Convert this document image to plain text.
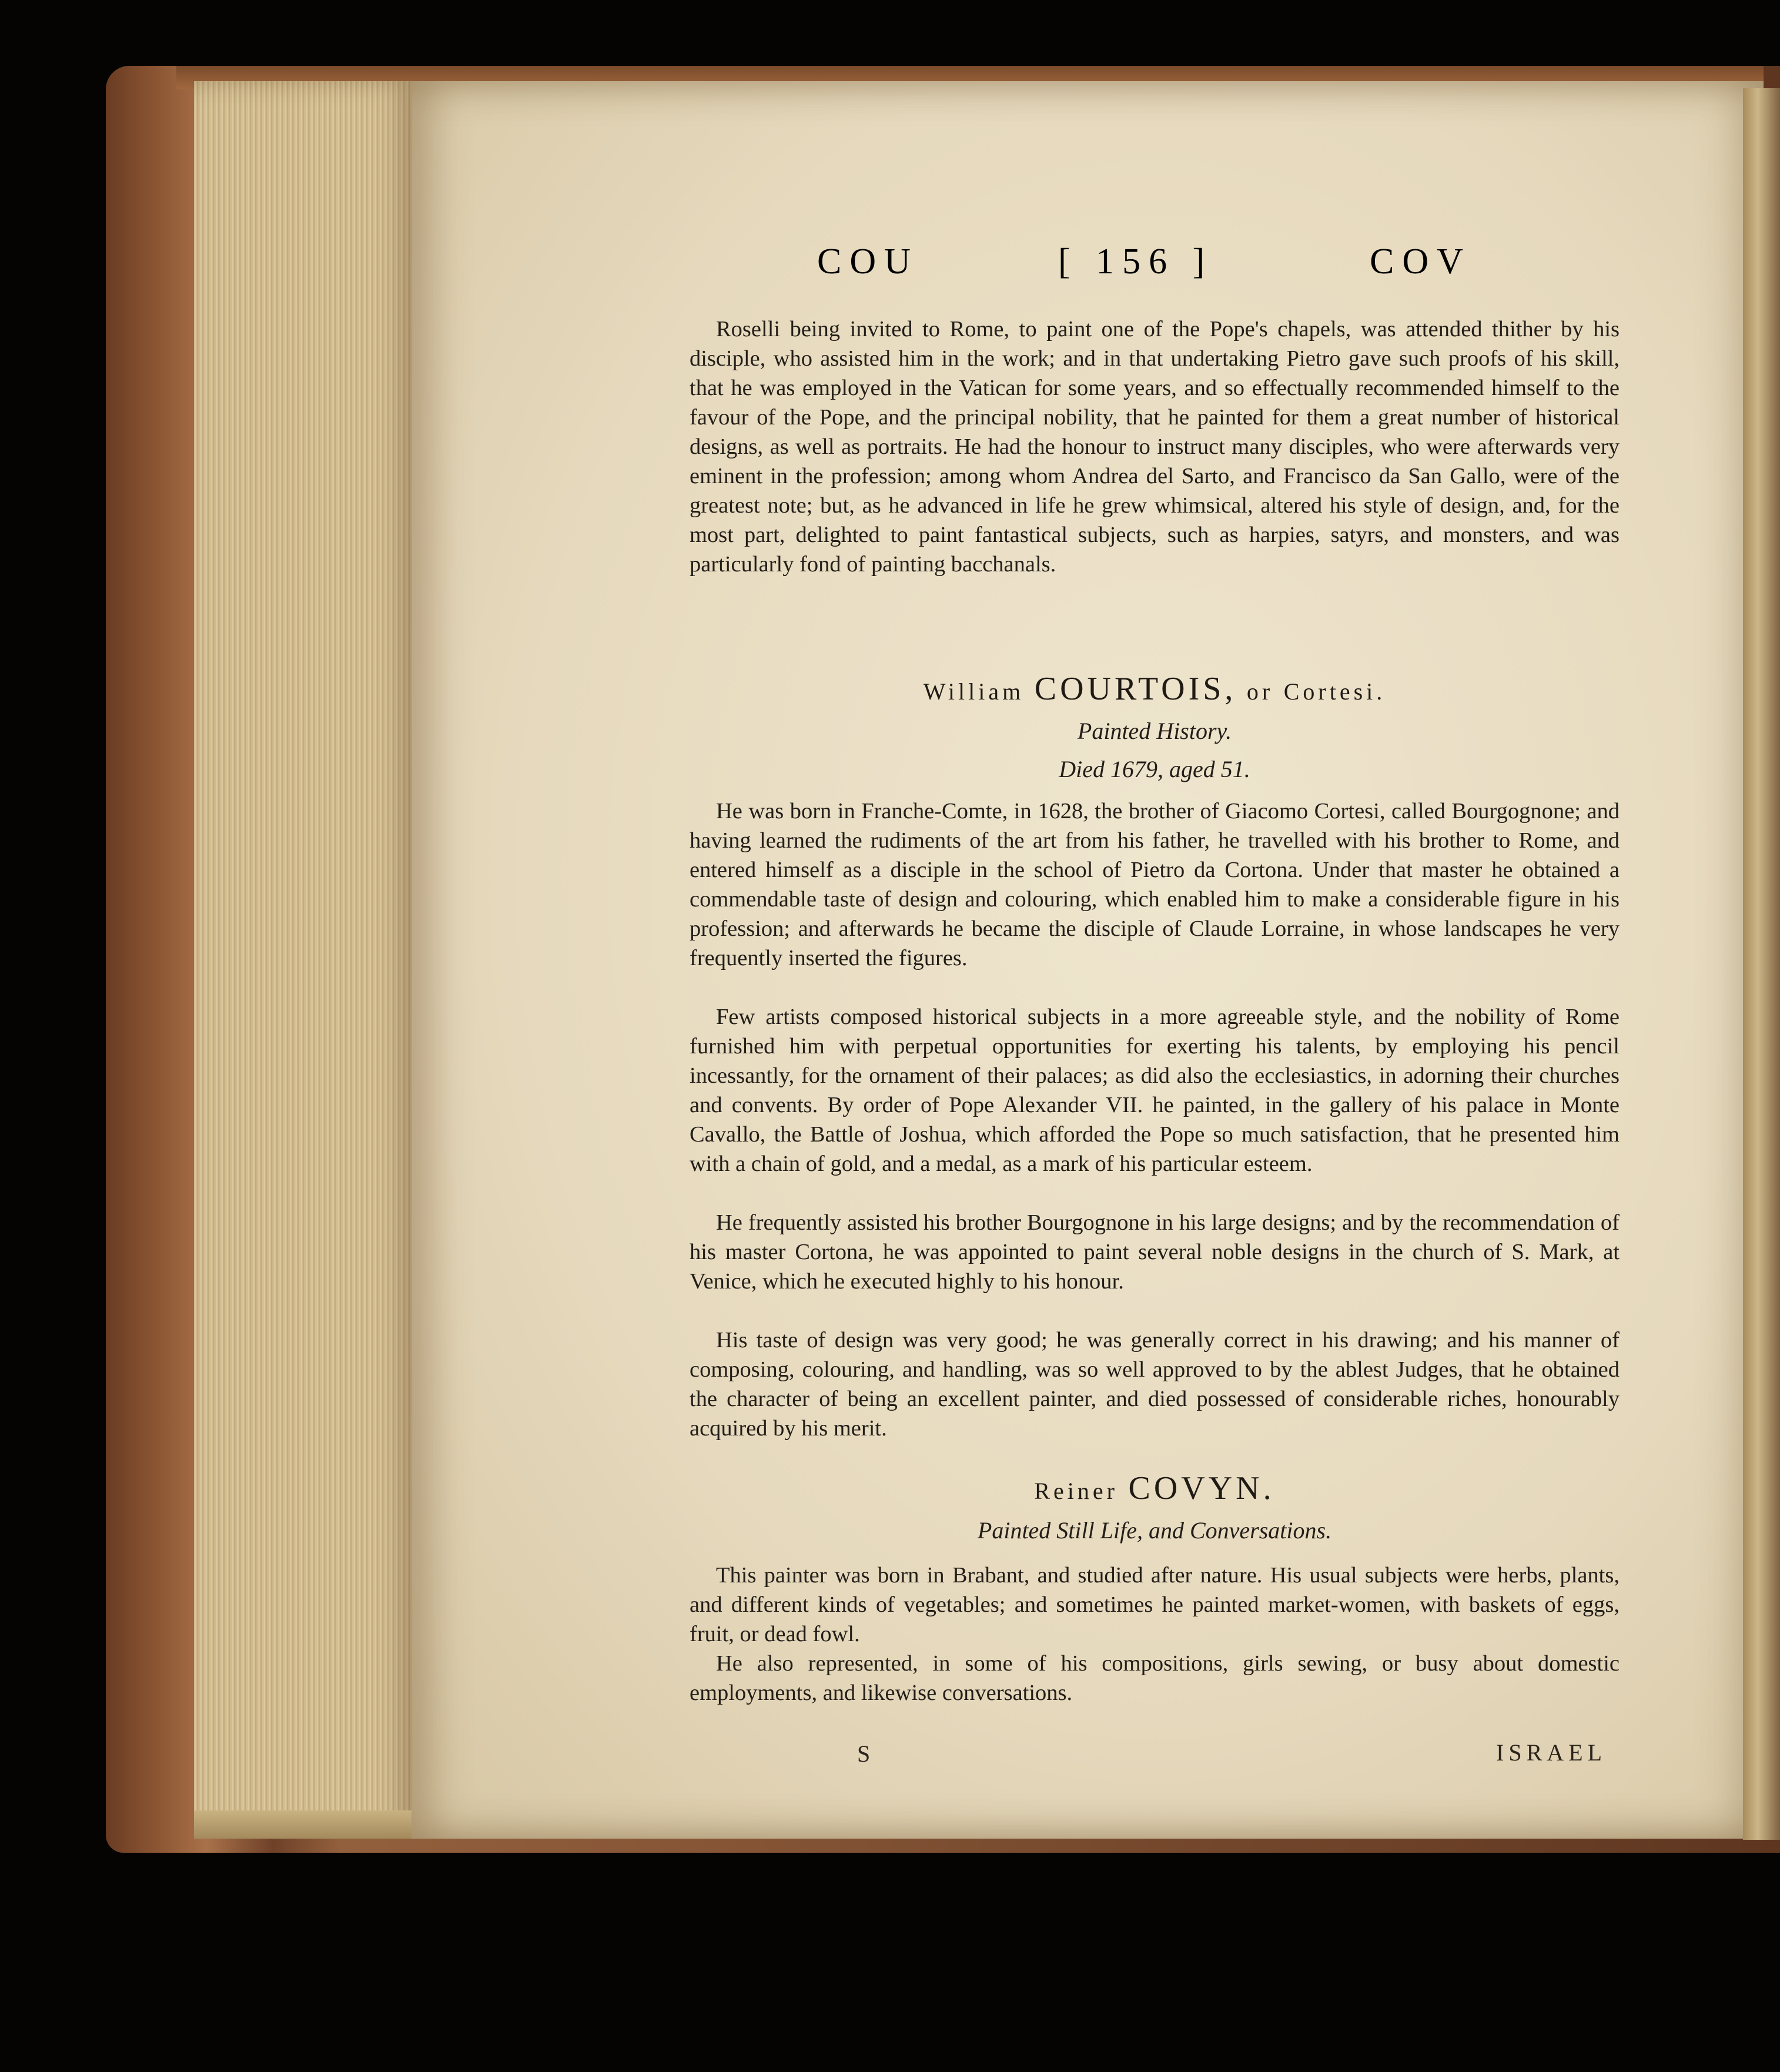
COU	[ 156 ]	COV
Roselli being invited to Rome, to paint one of the Pope's chapels, was attended thither by his disciple, who assisted him in the work; and in that undertaking Pietro gave such proofs of his skill, that he was employed in the Vatican for some years, and so effectually recommended himself to the favour of the Pope, and the principal nobility, that he painted for them a great number of historical designs, as well as portraits. He had the honour to instruct many disciples, who were afterwards very eminent in the profession; among whom Andrea del Sarto, and Francisco da San Gallo, were of the greatest note; but, as he advanced in life he grew whimsical, altered his style of design, and, for the most part, delighted to paint fantastical subjects, such as harpies, satyrs, and monsters, and was particularly fond of painting bacchanals.
William COURTOIS, or Cortesi.
Painted History.
Died 1679, aged 51.
He was born in Franche-Comte, in 1628, the brother of Giacomo Cortesi, called Bourgognone; and having learned the rudiments of the art from his father, he travelled with his brother to Rome, and entered himself as a disciple in the school of Pietro da Cortona. Under that master he obtained a commendable taste of design and colouring, which enabled him to make a considerable figure in his profession; and afterwards he became the disciple of Claude Lorraine, in whose landscapes he very frequently inserted the figures.
Few artists composed historical subjects in a more agreeable style, and the nobility of Rome furnished him with perpetual opportunities for exerting his talents, by employing his pencil incessantly, for the ornament of their palaces; as did also the ecclesiastics, in adorning their churches and convents. By order of Pope Alexander VII. he painted, in the gallery of his palace in Monte Cavallo, the Battle of Joshua, which afforded the Pope so much satisfaction, that he presented him with a chain of gold, and a medal, as a mark of his particular esteem.
He frequently assisted his brother Bourgognone in his large designs; and by the recommendation of his master Cortona, he was appointed to paint several noble designs in the church of S. Mark, at Venice, which he executed highly to his honour.
His taste of design was very good; he was generally correct in his drawing; and his manner of composing, colouring, and handling, was so well approved to by the ablest Judges, that he obtained the character of being an excellent painter, and died possessed of considerable riches, honourably acquired by his merit.
Reiner COVYN.
Painted Still Life, and Conversations.
This painter was born in Brabant, and studied after nature. His usual subjects were herbs, plants, and different kinds of vegetables; and sometimes he painted market-women, with baskets of eggs, fruit, or dead fowl.
He also represented, in some of his compositions, girls sewing, or busy about domestic employments, and likewise conversations.
S	ISRAEL
